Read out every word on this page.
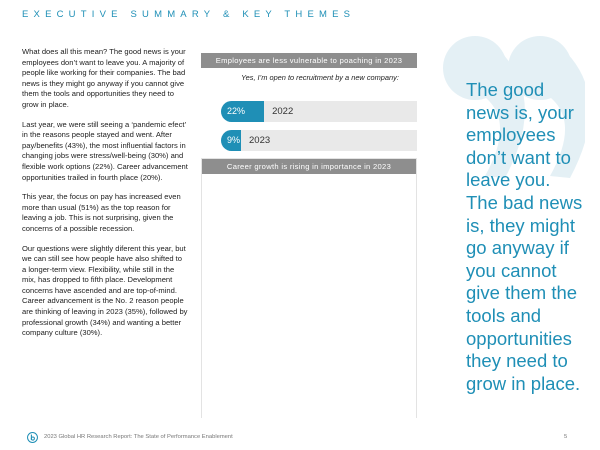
EXECUTIVE SUMMARY & KEY THEMES

What does all this mean? The good news is your employees don’t want to leave you. A majority of people like working for their companies. The bad news is they might go anyway if you cannot give them the tools and opportunities they need to grow in place.

Last year, we were still seeing a ‘pandemic efect’ in the reasons people stayed and went. After pay/benefits (43%), the most influential factors in changing jobs were stress/well-being (30%) and flexible work options (22%). Career advancement opportunities trailed in fourth place (20%).

This year, the focus on pay has increased even more than usual (51%) as the top reason for leaving a job. This is not surprising, given the concerns of a possible recession.

Our questions were slightly diferent this year, but we can still see how people have also shifted to a longer-term view. Flexibility, while still in the mix, has dropped to fifth place. Development concerns have ascended and are top-of-mind. Career advancement is the No. 2 reason people are thinking of leaving in 2023 (35%), followed by professional growth (34%) and wanting a better company culture (30%).

Employees are less vulnerable to poaching in 2023
Yes, I’m open to recruitment by a new company:
22%	2022
9% 2023
Career growth is rising in importance in 2023
The good news is, your employees don’t want to leave you. The bad news is, they might go anyway if you cannot give them the tools and opportunities they need to grow in place.
2023 Global HR Research Report: The State of Performance Enablement	5
